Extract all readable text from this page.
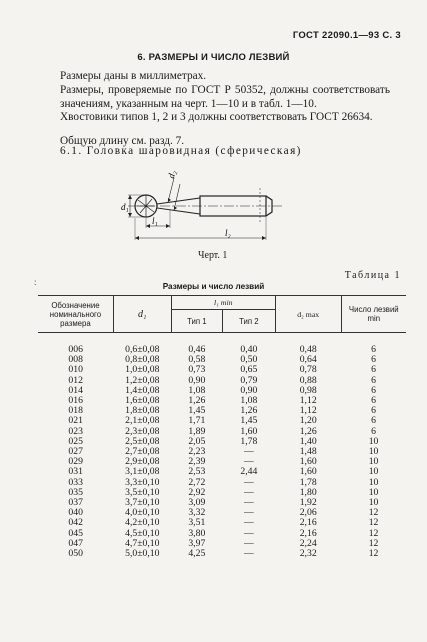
ГОСТ 22090.1—93 С. 3
6. РАЗМЕРЫ И ЧИСЛО ЛЕЗВИЙ
Размеры даны в миллиметрах.
Размеры, проверяемые по ГОСТ Р 50352, должны соответствовать значениям, указанным на черт. 1—10 и в табл. 1—10.
Хвостовики типов 1, 2 и 3 должны соответствовать ГОСТ 26634.
Общую длину см. разд. 7.
6.1. Головка шаровидная (сферическая)
d₁
d₂
l₁
l₂
Черт. 1
:
Таблица 1
Размеры и число лезвий
Обозначение номинального размера	d₁	l₁ min		d₂ max	Число лезвий min
		Тип 1	Тип 2		
006	0,6±0,08	0,46	0,40	0,48	6
008	0,8±0,08	0,58	0,50	0,64	6
010	1,0±0,08	0,73	0,65	0,78	6
012	1,2±0,08	0,90	0,79	0,88	6
014	1,4±0,08	1,08	0,90	0,98	6
016	1,6±0,08	1,26	1,08	1,12	6
018	1,8±0,08	1,45	1,26	1,12	6
021	2,1±0,08	1,71	1,45	1,20	6
023	2,3±0,08	1,89	1,60	1,26	6
025	2,5±0,08	2,05	1,78	1,40	10
027	2,7±0,08	2,23	—	1,48	10
029	2,9±0,08	2,39	—	1,60	10
031	3,1±0,08	2,53	2,44	1,60	10
033	3,3±0,10	2,72	—	1,78	10
035	3,5±0,10	2,92	—	1,80	10
037	3,7±0,10	3,09	—	1,92	10
040	4,0±0,10	3,32	—	2,06	12
042	4,2±0,10	3,51	—	2,16	12
045	4,5±0,10	3,80	—	2,16	12
047	4,7±0,10	3,97	—	2,24	12
050	5,0±0,10	4,25	—	2,32	12
